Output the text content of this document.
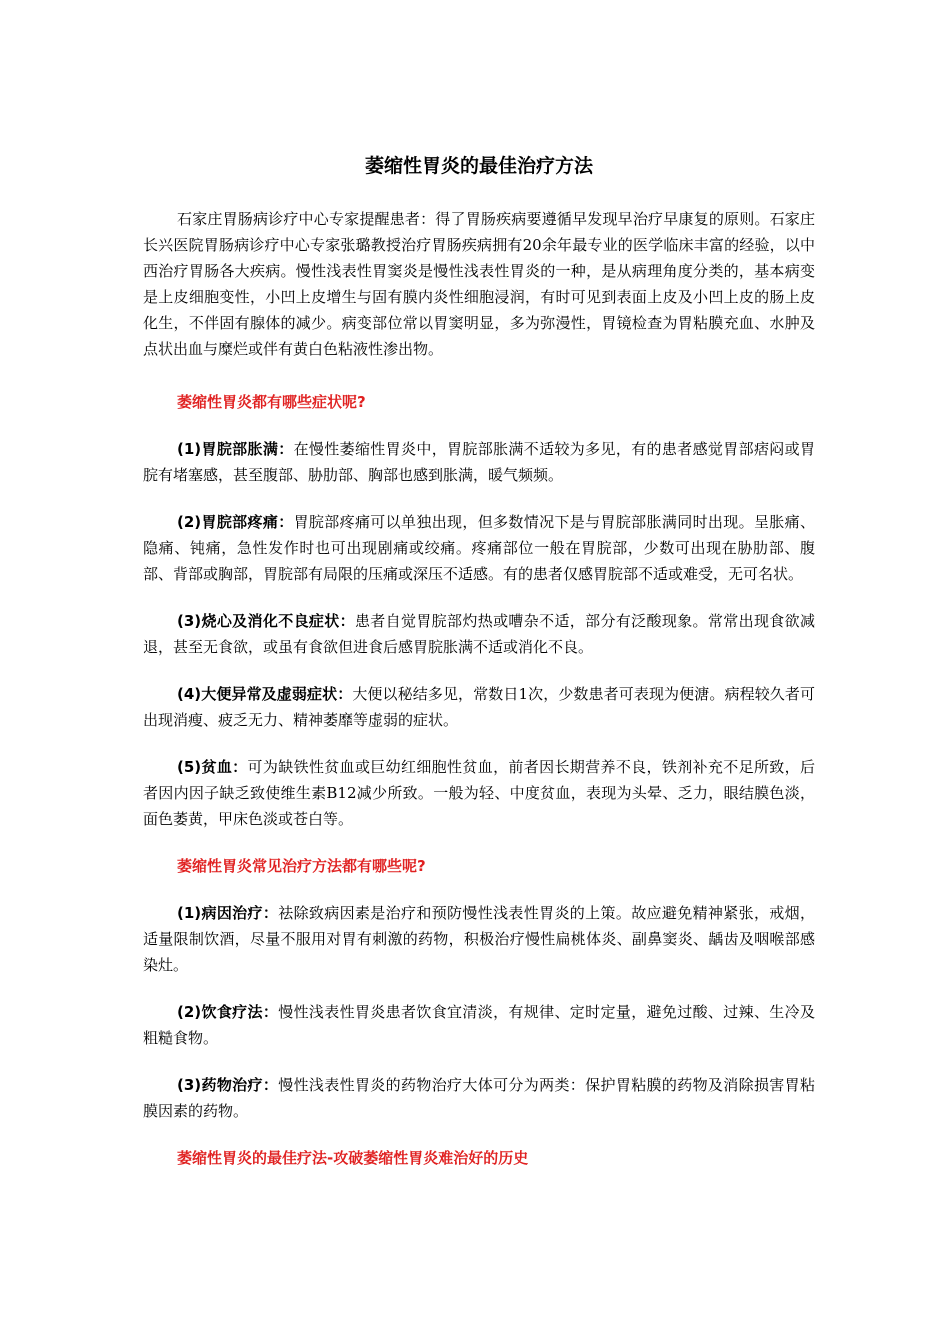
萎缩性胃炎的最佳治疗方法

石家庄胃肠病诊疗中心专家提醒患者：得了胃肠疾病要遵循早发现早治疗早康复的原则。石家庄长兴医院胃肠病诊疗中心专家张璐教授治疗胃肠疾病拥有20余年最专业的医学临床丰富的经验，以中西治疗胃肠各大疾病。慢性浅表性胃窦炎是慢性浅表性胃炎的一种，是从病理角度分类的，基本病变是上皮细胞变性，小凹上皮增生与固有膜内炎性细胞浸润，有时可见到表面上皮及小凹上皮的肠上皮化生，不伴固有腺体的减少。病变部位常以胃窦明显，多为弥漫性，胃镜检查为胃粘膜充血、水肿及点状出血与糜烂或伴有黄白色粘液性渗出物。

萎缩性胃炎都有哪些症状呢?

(1)胃脘部胀满：在慢性萎缩性胃炎中，胃脘部胀满不适较为多见，有的患者感觉胃部痞闷或胃脘有堵塞感，甚至腹部、胁肋部、胸部也感到胀满，暖气频频。

(2)胃脘部疼痛：胃脘部疼痛可以单独出现，但多数情况下是与胃脘部胀满同时出现。呈胀痛、隐痛、钝痛，急性发作时也可出现剧痛或绞痛。疼痛部位一般在胃脘部，少数可出现在胁肋部、腹部、背部或胸部，胃脘部有局限的压痛或深压不适感。有的患者仅感胃脘部不适或难受，无可名状。

(3)烧心及消化不良症状：患者自觉胃脘部灼热或嘈杂不适，部分有泛酸现象。常常出现食欲减退，甚至无食欲，或虽有食欲但进食后感胃脘胀满不适或消化不良。

(4)大便异常及虚弱症状：大便以秘结多见，常数日1次，少数患者可表现为便溏。病程较久者可出现消瘦、疲乏无力、精神萎靡等虚弱的症状。

(5)贫血：可为缺铁性贫血或巨幼红细胞性贫血，前者因长期营养不良，铁剂补充不足所致，后者因内因子缺乏致使维生素B12减少所致。一般为轻、中度贫血，表现为头晕、乏力，眼结膜色淡，面色萎黄，甲床色淡或苍白等。

萎缩性胃炎常见治疗方法都有哪些呢?

(1)病因治疗：祛除致病因素是治疗和预防慢性浅表性胃炎的上策。故应避免精神紧张，戒烟，适量限制饮酒，尽量不服用对胃有刺激的药物，积极治疗慢性扁桃体炎、副鼻窦炎、龋齿及咽喉部感染灶。

(2)饮食疗法：慢性浅表性胃炎患者饮食宜清淡，有规律、定时定量，避免过酸、过辣、生冷及粗糙食物。

(3)药物治疗：慢性浅表性胃炎的药物治疗大体可分为两类：保护胃粘膜的药物及消除损害胃粘膜因素的药物。

萎缩性胃炎的最佳疗法-攻破萎缩性胃炎难治好的历史
